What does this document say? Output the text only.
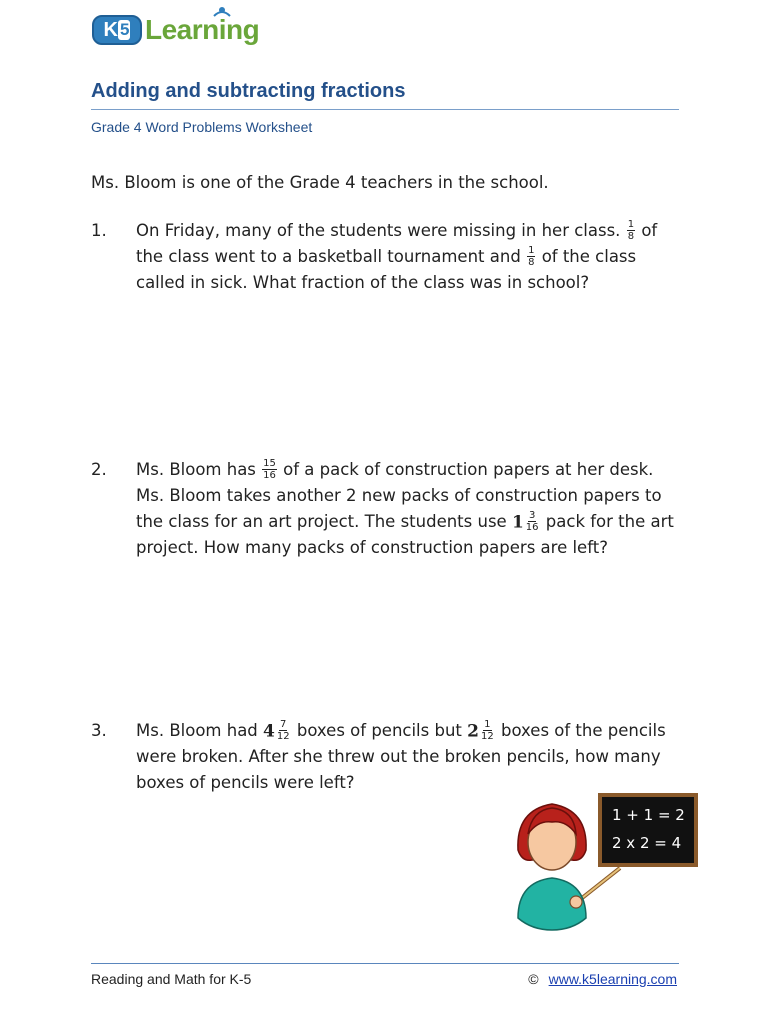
K 5 Learning
Adding and subtracting fractions
Grade 4 Word Problems Worksheet
Ms. Bloom is one of the Grade 4 teachers in the school.
1. On Friday, many of the students were missing in her class. $\frac{1}{8}$ of
the class went to a basketball tournament and $\frac{1}{8}$ of the class
called in sick. What fraction of the class was in school?
2. Ms. Bloom has $\frac{15}{16}$ of a pack of construction papers at her desk.
Ms. Bloom takes another 2 new packs of construction papers to
the class for an art project. The students use $1 \frac{3}{16}$ pack for the art
project. How many packs of construction papers are left?
3. Ms. Bloom had $4 \frac{7}{12}$ boxes of pencils but $2 \frac{1}{12}$ boxes of the pencils
were broken. After she threw out the broken pencils, how many
boxes of pencils were left?
1 + 1 = 2
2 x 2 = 4
Reading and Math for K-5	© www.k5learning.com
